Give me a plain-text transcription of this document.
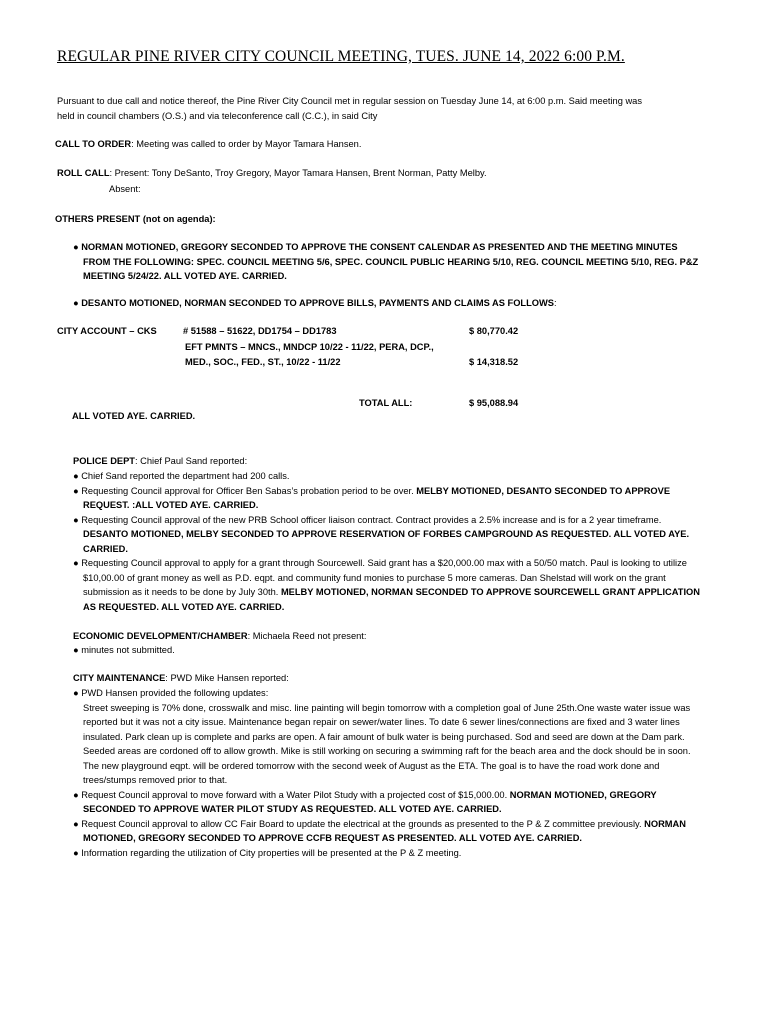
REGULAR PINE RIVER CITY COUNCIL MEETING, TUES. JUNE 14, 2022 6:00 P.M.

Pursuant to due call and notice thereof, the Pine River City Council met in regular session on Tuesday June 14, at 6:00 p.m. Said meeting was held in council chambers (O.S.) and via teleconference call (C.C.), in said City

CALL TO ORDER: Meeting was called to order by Mayor Tamara Hansen.

ROLL CALL: Present: Tony DeSanto, Troy Gregory, Mayor Tamara Hansen, Brent Norman, Patty Melby.

Absent:

OTHERS PRESENT (not on agenda):

● NORMAN MOTIONED, GREGORY SECONDED TO APPROVE THE CONSENT CALENDAR AS PRESENTED AND THE MEETING MINUTES FROM THE FOLLOWING: SPEC. COUNCIL MEETING 5/6, SPEC. COUNCIL PUBLIC HEARING 5/10, REG. COUNCIL MEETING 5/10, REG. P&Z MEETING 5/24/22. ALL VOTED AYE. CARRIED.

● DESANTO MOTIONED, NORMAN SECONDED TO APPROVE BILLS, PAYMENTS AND CLAIMS AS FOLLOWS:

CITY ACCOUNT – CKS	# 51588 – 51622, DD1754 – DD1783	$ 80,770.42
EFT PMNTS – MNCS., MNDCP 10/22 - 11/22, PERA, DCP.,
MED., SOC., FED., ST., 10/22 - 11/22	$ 14,318.52
TOTAL ALL:	$ 95,088.94
ALL VOTED AYE. CARRIED.

POLICE DEPT: Chief Paul Sand reported:

● Chief Sand reported the department had 200 calls.
● Requesting Council approval for Officer Ben Sabas’s probation period to be over. MELBY MOTIONED, DESANTO SECONDED TO APPROVE REQUEST. :ALL VOTED AYE. CARRIED.
● Requesting Council approval of the new PRB School officer liaison contract. Contract provides a 2.5% increase and is for a 2 year timeframe. DESANTO MOTIONED, MELBY SECONDED TO APPROVE RESERVATION OF FORBES CAMPGROUND AS REQUESTED. ALL VOTED AYE. CARRIED.
● Requesting Council approval to apply for a grant through Sourcewell. Said grant has a $20,000.00 max with a 50/50 match. Paul is looking to utilize $10,00.00 of grant money as well as P.D. eqpt. and community fund monies to purchase 5 more cameras. Dan Shelstad will work on the grant submission as it needs to be done by July 30th. MELBY MOTIONED, NORMAN SECONDED TO APPROVE SOURCEWELL GRANT APPLICATION AS REQUESTED. ALL VOTED AYE. CARRIED.

ECONOMIC DEVELOPMENT/CHAMBER: Michaela Reed not present:

● minutes not submitted.

CITY MAINTENANCE: PWD Mike Hansen reported:

● PWD Hansen provided the following updates:
Street sweeping is 70% done, crosswalk and misc. line painting will begin tomorrow with a completion goal of June 25th.One waste water issue was reported but it was not a city issue. Maintenance began repair on sewer/water lines. To date 6 sewer lines/connections are fixed and 3 water lines insulated. Park clean up is complete and parks are open. A fair amount of bulk water is being purchased. Sod and seed are down at the Dam park. Seeded areas are cordoned off to allow growth. Mike is still working on securing a swimming raft for the beach area and the dock should be in soon. The new playground eqpt. will be ordered tomorrow with the second week of August as the ETA. The goal is to have the road work done and trees/stumps removed prior to that.
● Request Council approval to move forward with a Water Pilot Study with a projected cost of $15,000.00. NORMAN MOTIONED, GREGORY SECONDED TO APPROVE WATER PILOT STUDY AS REQUESTED. ALL VOTED AYE. CARRIED.
● Request Council approval to allow CC Fair Board to update the electrical at the grounds as presented to the P & Z committee previously. NORMAN MOTIONED, GREGORY SECONDED TO APPROVE CCFB REQUEST AS PRESENTED. ALL VOTED AYE. CARRIED.
● Information regarding the utilization of City properties will be presented at the P & Z meeting.
